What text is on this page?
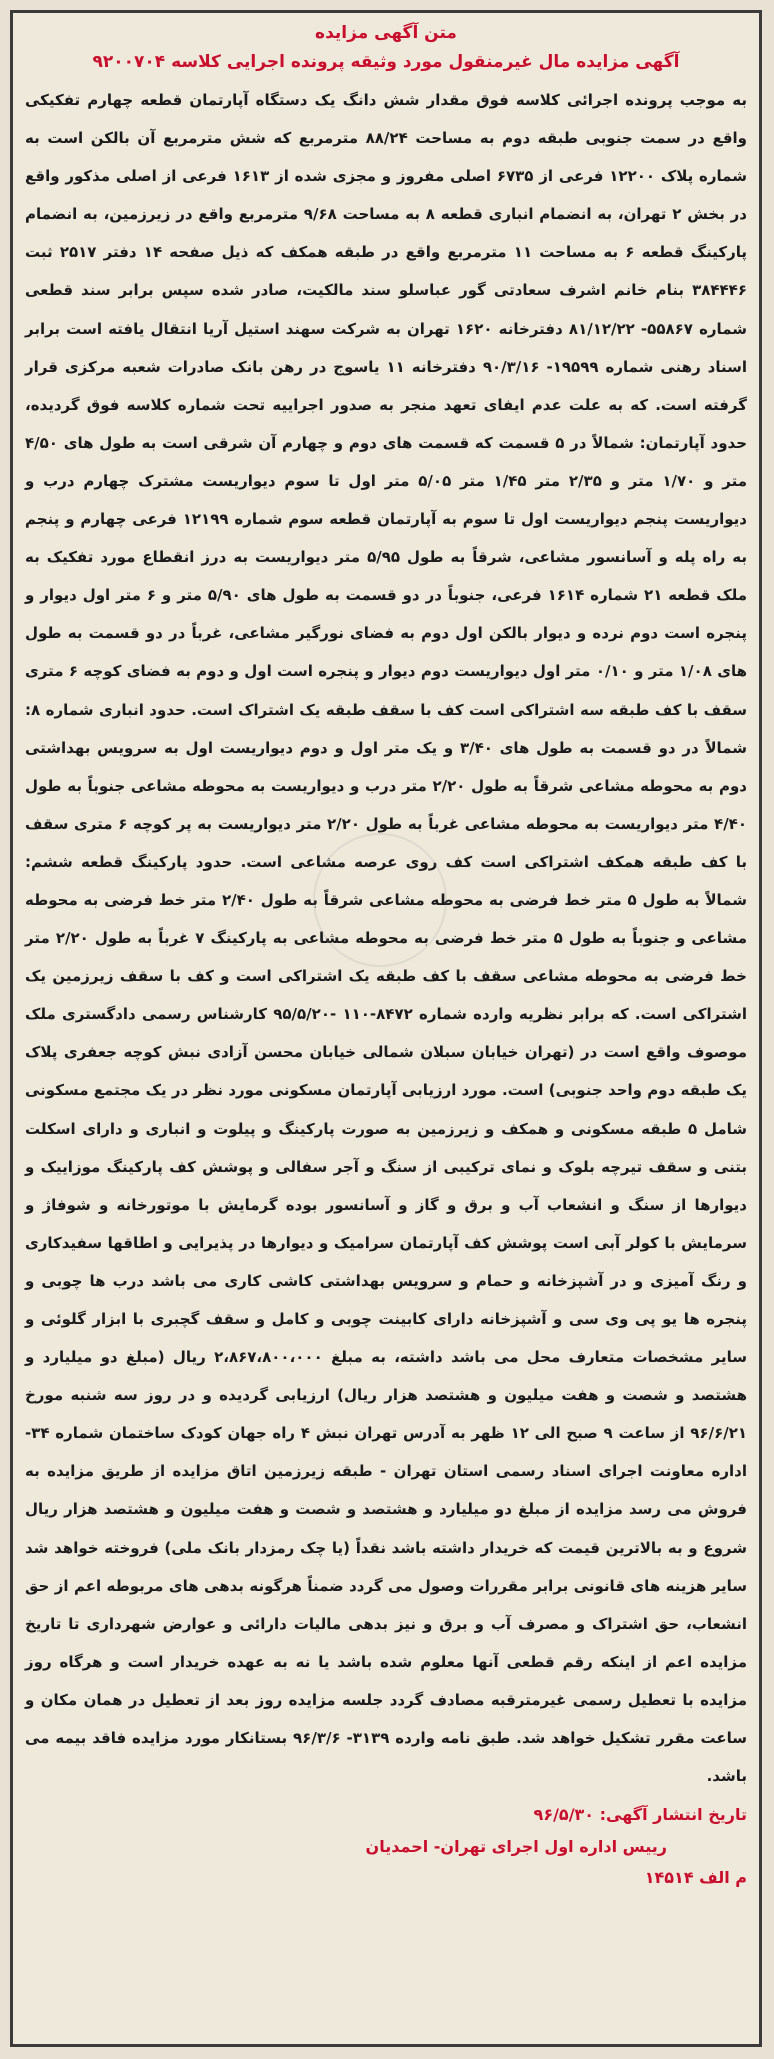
متن آگهی مزایده
آگهی مزایده مال غیرمنقول مورد وثیقه پرونده اجرایی کلاسه ۹۲۰۰۷۰۴

به موجب پرونده اجرائی کلاسه فوق مقدار شش دانگ یک دستگاه آپارتمان قطعه چهارم تفکیکی واقع در سمت جنوبی طبقه دوم به مساحت ۸۸/۲۴ مترمربع که شش مترمربع آن بالکن است به شماره پلاک ۱۲۲۰۰ فرعی از ۶۷۳۵ اصلی مفروز و مجزی شده از ۱۶۱۳ فرعی از اصلی مذکور واقع در بخش ۲ تهران، به انضمام انباری قطعه ۸ به مساحت ۹/۶۸ مترمربع واقع در زیرزمین، به انضمام پارکینگ قطعه ۶ به مساحت ۱۱ مترمربع واقع در طبقه همکف که ذیل صفحه ۱۴ دفتر ۲۵۱۷ ثبت ۳۸۴۴۴۶ بنام خانم اشرف سعادتی گور عباسلو سند مالکیت، صادر شده سپس برابر سند قطعی شماره ۵۵۸۶۷- ۸۱/۱۲/۲۲ دفترخانه ۱۶۲۰ تهران به شرکت سهند استیل آریا انتقال یافته است برابر اسناد رهنی شماره ۱۹۵۹۹- ۹۰/۳/۱۶ دفترخانه ۱۱ یاسوج در رهن بانک صادرات شعبه مرکزی قرار گرفته است. که به علت عدم ایفای تعهد منجر به صدور اجراییه تحت شماره کلاسه فوق گردیده، حدود آپارتمان: شمالاً در ۵ قسمت که قسمت های دوم و چهارم آن شرقی است به طول های ۴/۵۰ متر و ۱/۷۰ متر و ۲/۳۵ متر ۱/۴۵ متر ۵/۰۵ متر اول تا سوم دیواریست مشترک چهارم درب و دیواریست پنجم دیواریست اول تا سوم به آپارتمان قطعه سوم شماره ۱۲۱۹۹ فرعی چهارم و پنجم به راه پله و آسانسور مشاعی، شرقاً به طول ۵/۹۵ متر دیواریست به درز انقطاع مورد تفکیک به ملک قطعه ۲۱ شماره ۱۶۱۴ فرعی، جنوباً در دو قسمت به طول های ۵/۹۰ متر و ۶ متر اول دیوار و پنجره است دوم نرده و دیوار بالکن اول دوم به فضای نورگیر مشاعی، غرباً در دو قسمت به طول های ۱/۰۸ متر و ۰/۱۰ متر اول دیواریست دوم دیوار و پنجره است اول و دوم به فضای کوچه ۶ متری سقف با کف طبقه سه اشتراکی است کف با سقف طبقه یک اشتراک است. حدود انباری شماره ۸: شمالاً در دو قسمت به طول های ۳/۴۰ و یک متر اول و دوم دیواریست اول به سرویس بهداشتی دوم به محوطه مشاعی شرقاً به طول ۲/۲۰ متر درب و دیواریست به محوطه مشاعی جنوباً به طول ۴/۴۰ متر دیواریست به محوطه مشاعی غرباً به طول ۲/۲۰ متر دیواریست به پر کوچه ۶ متری سقف با کف طبقه همکف اشتراکی است کف روی عرصه مشاعی است. حدود پارکینگ قطعه ششم: شمالاً به طول ۵ متر خط فرضی به محوطه مشاعی شرقاً به طول ۲/۴۰ متر خط فرضی به محوطه مشاعی و جنوباً به طول ۵ متر خط فرضی به محوطه مشاعی به پارکینگ ۷ غرباً به طول ۲/۲۰ متر خط فرضی به محوطه مشاعی سقف با کف طبقه یک اشتراکی است و کف با سقف زیرزمین یک اشتراکی است. که برابر نظریه وارده شماره ۸۴۷۲-۱۱۰ -۹۵/۵/۲۰ کارشناس رسمی دادگستری ملک موصوف واقع است در (تهران خیابان سبلان شمالی خیابان محسن آزادی نبش کوچه جعفری پلاک یک طبقه دوم واحد جنوبی) است. مورد ارزیابی آپارتمان مسکونی مورد نظر در یک مجتمع مسکونی شامل ۵ طبقه مسکونی و همکف و زیرزمین به صورت پارکینگ و پیلوت و انباری و دارای اسکلت بتنی و سقف تیرچه بلوک و نمای ترکیبی از سنگ و آجر سفالی و پوشش کف پارکینگ موزاییک و دیوارها از سنگ و انشعاب آب و برق و گاز و آسانسور بوده گرمایش با موتورخانه و شوفاژ و سرمایش با کولر آبی است پوشش کف آپارتمان سرامیک و دیوارها در پذیرایی و اطاقها سفیدکاری و رنگ آمیزی و در آشپزخانه و حمام و سرویس بهداشتی کاشی کاری می باشد درب ها چوبی و پنجره ها یو پی وی سی و آشپزخانه دارای کابینت چوبی و کامل و سقف گچبری با ابزار گلوئی و سایر مشخصات متعارف محل می باشد داشته، به مبلغ ۲،۸۶۷،۸۰۰،۰۰۰ ریال (مبلغ دو میلیارد و هشتصد و شصت و هفت میلیون و هشتصد هزار ریال) ارزیابی گردیده و در روز سه شنبه مورخ ۹۶/۶/۲۱ از ساعت ۹ صبح الی ۱۲ ظهر به آدرس تهران نبش ۴ راه جهان کودک ساختمان شماره ۳۴- اداره معاونت اجرای اسناد رسمی استان تهران - طبقه زیرزمین اتاق مزایده از طریق مزایده به فروش می رسد مزایده از مبلغ دو میلیارد و هشتصد و شصت و هفت میلیون و هشتصد هزار ریال شروع و به بالاترین قیمت که خریدار داشته باشد نقداً (یا چک رمزدار بانک ملی) فروخته خواهد شد سایر هزینه های قانونی برابر مقررات وصول می گردد ضمناً هرگونه بدهی های مربوطه اعم از حق انشعاب، حق اشتراک و مصرف آب و برق و نیز بدهی مالیات دارائی و عوارض شهرداری تا تاریخ مزایده اعم از اینکه رقم قطعی آنها معلوم شده باشد یا نه به عهده خریدار است و هرگاه روز مزایده با تعطیل رسمی غیرمترقبه مصادف گردد جلسه مزایده روز بعد از تعطیل در همان مکان و ساعت مقرر تشکیل خواهد شد. طبق نامه وارده ۳۱۳۹- ۹۶/۳/۶ بستانکار مورد مزایده فاقد بیمه می باشد.

تاریخ انتشار آگهی: ۹۶/۵/۳۰
رییس اداره اول اجرای تهران- احمدیان
م الف ۱۴۵۱۴
